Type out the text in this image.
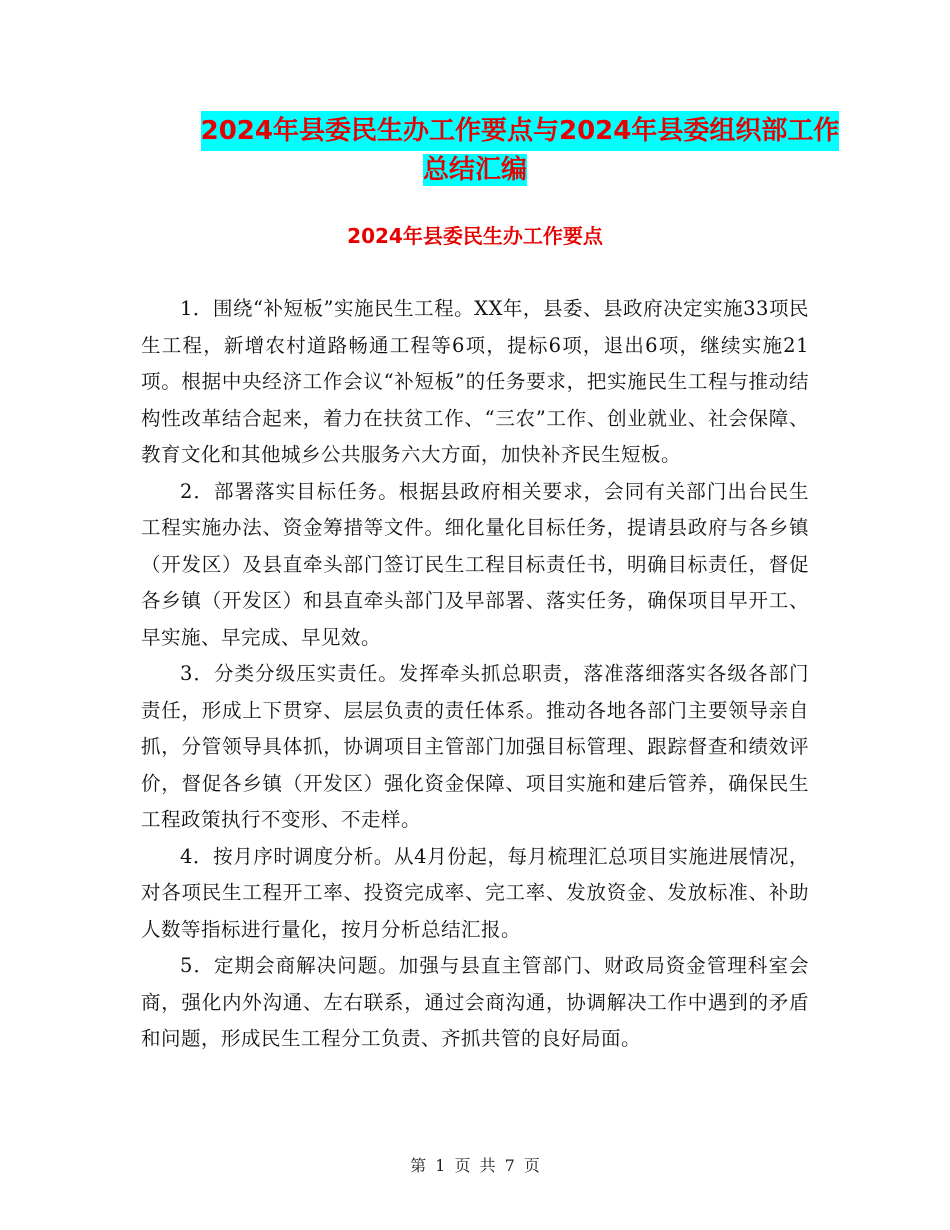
2024年县委民生办工作要点与2024年县委组织部工作
总结汇编
2024年县委民生办工作要点

1．围绕“补短板”实施民生工程。XX年，县委、县政府决定实施33项民生工程，新增农村道路畅通工程等6项，提标6项，退出6项，继续实施21项。根据中央经济工作会议“补短板”的任务要求，把实施民生工程与推动结构性改革结合起来，着力在扶贫工作、“三农”工作、创业就业、社会保障、教育文化和其他城乡公共服务六大方面，加快补齐民生短板。

2．部署落实目标任务。根据县政府相关要求，会同有关部门出台民生工程实施办法、资金筹措等文件。细化量化目标任务，提请县政府与各乡镇（开发区）及县直牵头部门签订民生工程目标责任书，明确目标责任，督促各乡镇（开发区）和县直牵头部门及早部署、落实任务，确保项目早开工、早实施、早完成、早见效。

3．分类分级压实责任。发挥牵头抓总职责，落准落细落实各级各部门责任，形成上下贯穿、层层负责的责任体系。推动各地各部门主要领导亲自抓，分管领导具体抓，协调项目主管部门加强目标管理、跟踪督查和绩效评价，督促各乡镇（开发区）强化资金保障、项目实施和建后管养，确保民生工程政策执行不变形、不走样。

4．按月序时调度分析。从4月份起，每月梳理汇总项目实施进展情况，对各项民生工程开工率、投资完成率、完工率、发放资金、发放标准、补助人数等指标进行量化，按月分析总结汇报。

5．定期会商解决问题。加强与县直主管部门、财政局资金管理科室会商，强化内外沟通、左右联系，通过会商沟通，协调解决工作中遇到的矛盾和问题，形成民生工程分工负责、齐抓共管的良好局面。

第 1 页 共 7 页
